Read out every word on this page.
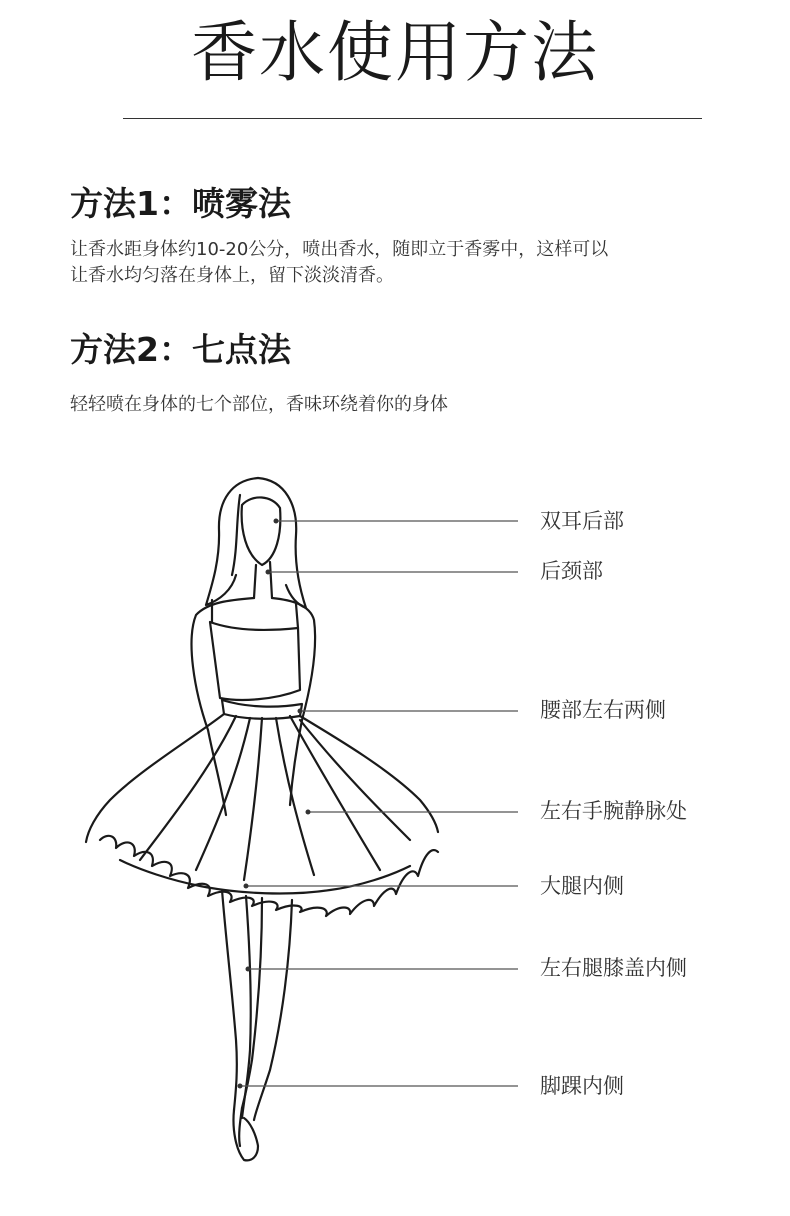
香水使用方法
方法1：喷雾法
让香水距身体约10-20公分，喷出香水，随即立于香雾中，这样可以
让香水均匀落在身体上，留下淡淡清香。
方法2：七点法
轻轻喷在身体的七个部位，香味环绕着你的身体
双耳后部
后颈部
腰部左右两侧
左右手腕静脉处
大腿内侧
左右腿膝盖内侧
脚踝内侧
